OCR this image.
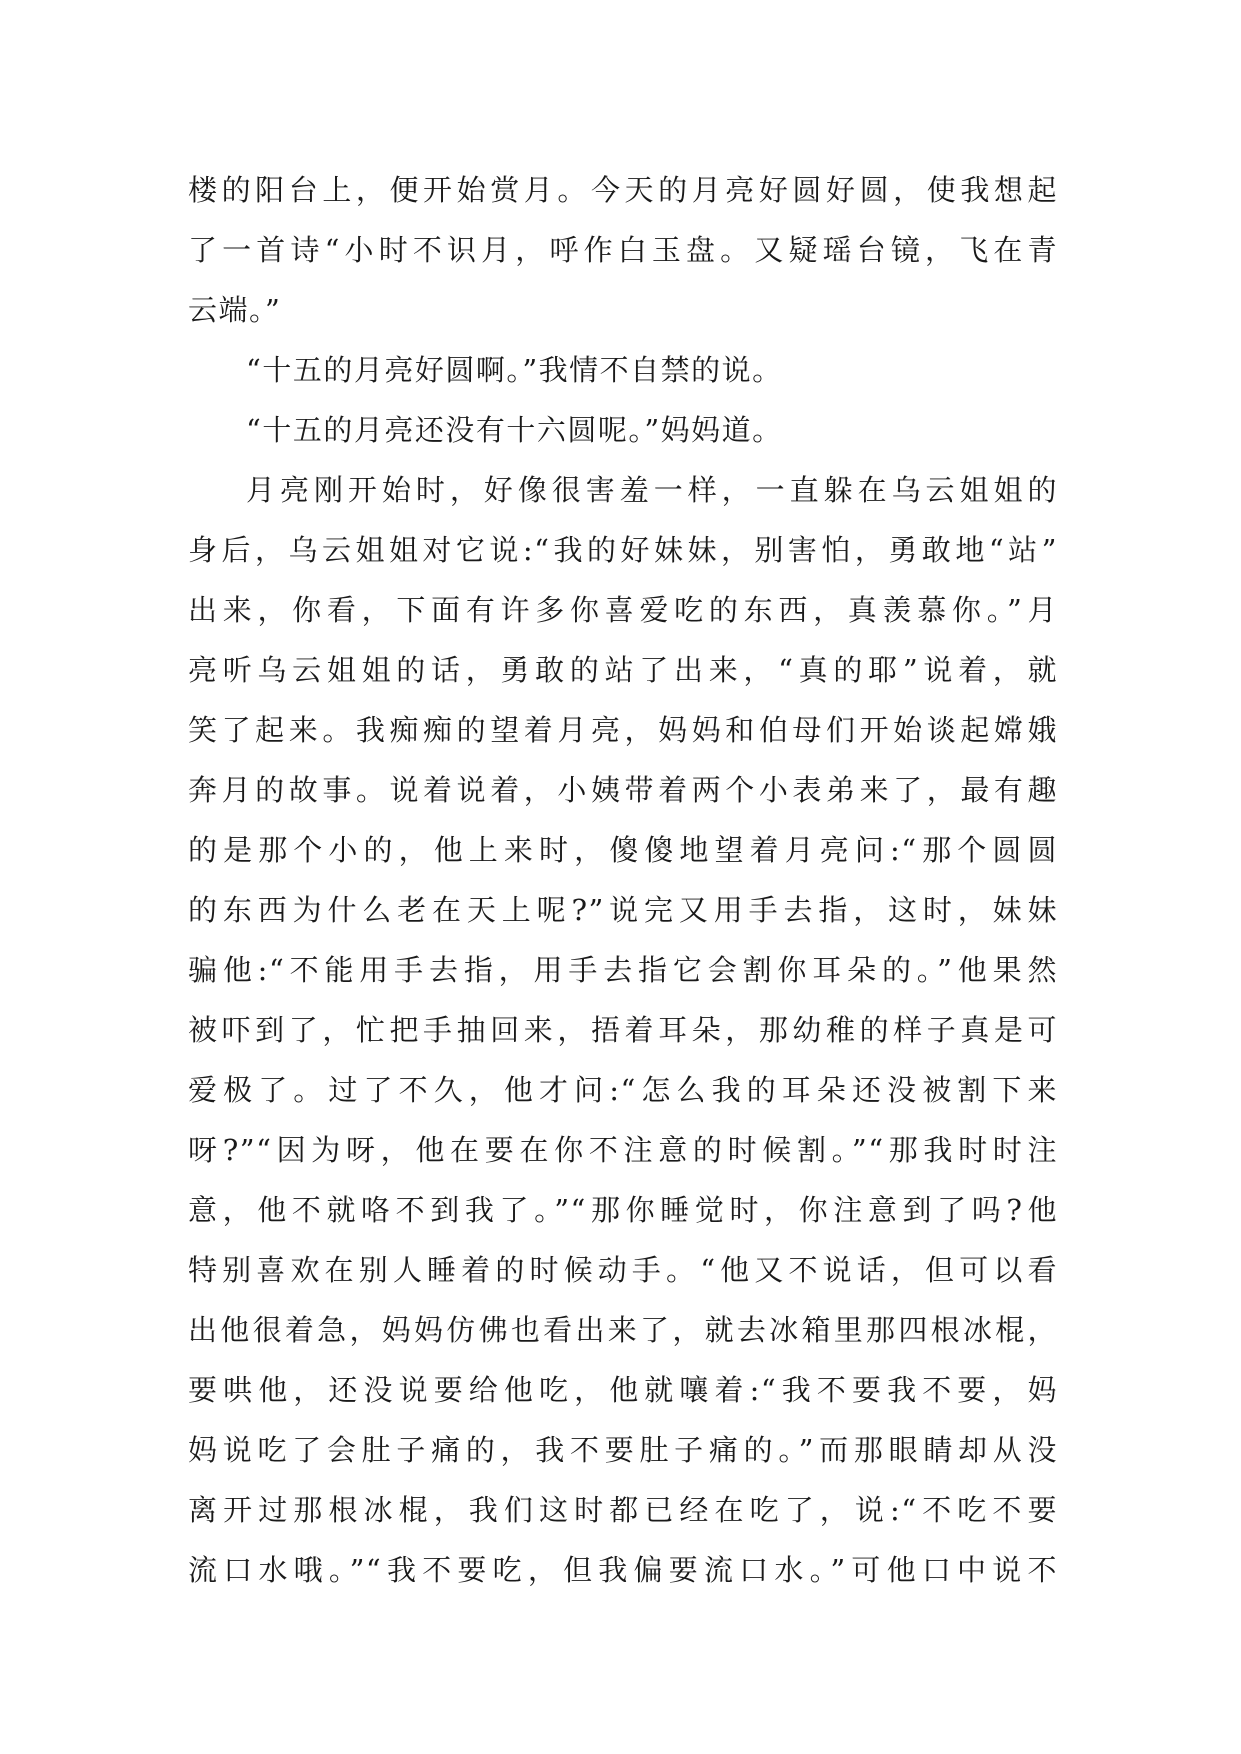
楼的阳台上，便开始赏月。今天的月亮好圆好圆，使我想起
了一首诗“小时不识月，呼作白玉盘。又疑瑶台镜，飞在青
云端。”
“十五的月亮好圆啊。”我情不自禁的说。
“十五的月亮还没有十六圆呢。”妈妈道。
月亮刚开始时，好像很害羞一样，一直躲在乌云姐姐的
身后，乌云姐姐对它说:“我的好妹妹，别害怕，勇敢地“站”
出来，你看，下面有许多你喜爱吃的东西，真羡慕你。”月
亮听乌云姐姐的话，勇敢的站了出来，“真的耶”说着，就
笑了起来。我痴痴的望着月亮，妈妈和伯母们开始谈起嫦娥
奔月的故事。说着说着，小姨带着两个小表弟来了，最有趣
的是那个小的，他上来时，傻傻地望着月亮问:“那个圆圆
的东西为什么老在天上呢?”说完又用手去指，这时，妹妹
骗他:“不能用手去指，用手去指它会割你耳朵的。”他果然
被吓到了，忙把手抽回来，捂着耳朵，那幼稚的样子真是可
爱极了。过了不久，他才问:“怎么我的耳朵还没被割下来
呀?”“因为呀，他在要在你不注意的时候割。”“那我时时注
意，他不就咯不到我了。”“那你睡觉时，你注意到了吗?他
特别喜欢在别人睡着的时候动手。“他又不说话，但可以看
出他很着急，妈妈仿佛也看出来了，就去冰箱里那四根冰棍，
要哄他，还没说要给他吃，他就嚷着:“我不要我不要，妈
妈说吃了会肚子痛的，我不要肚子痛的。”而那眼睛却从没
离开过那根冰棍，我们这时都已经在吃了，说:“不吃不要
流口水哦。”“我不要吃，但我偏要流口水。”可他口中说不
